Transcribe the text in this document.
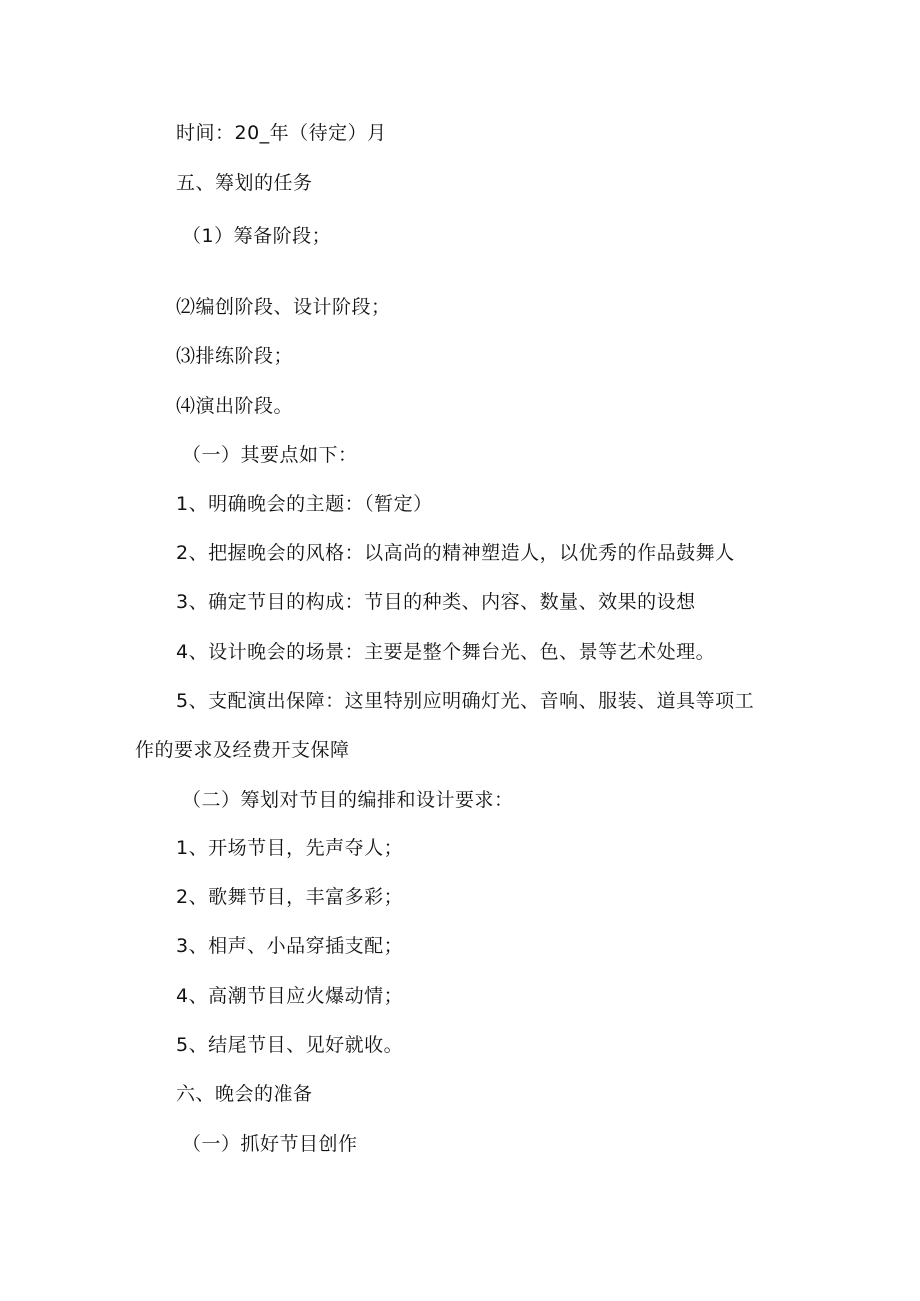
时间：20_年（待定）月
五、筹划的任务
（1）筹备阶段；
⑵编创阶段、设计阶段；
⑶排练阶段；
⑷演出阶段。
（一）其要点如下：
1、明确晚会的主题：（暂定）
2、把握晚会的风格：以高尚的精神塑造人，以优秀的作品鼓舞人
3、确定节目的构成：节目的种类、内容、数量、效果的设想
4、设计晚会的场景：主要是整个舞台光、色、景等艺术处理。
5、支配演出保障：这里特别应明确灯光、音响、服装、道具等项工
作的要求及经费开支保障
（二）筹划对节目的编排和设计要求：
1、开场节目，先声夺人；
2、歌舞节目，丰富多彩；
3、相声、小品穿插支配；
4、高潮节目应火爆动情；
5、结尾节目、见好就收。
六、晚会的准备
（一）抓好节目创作
